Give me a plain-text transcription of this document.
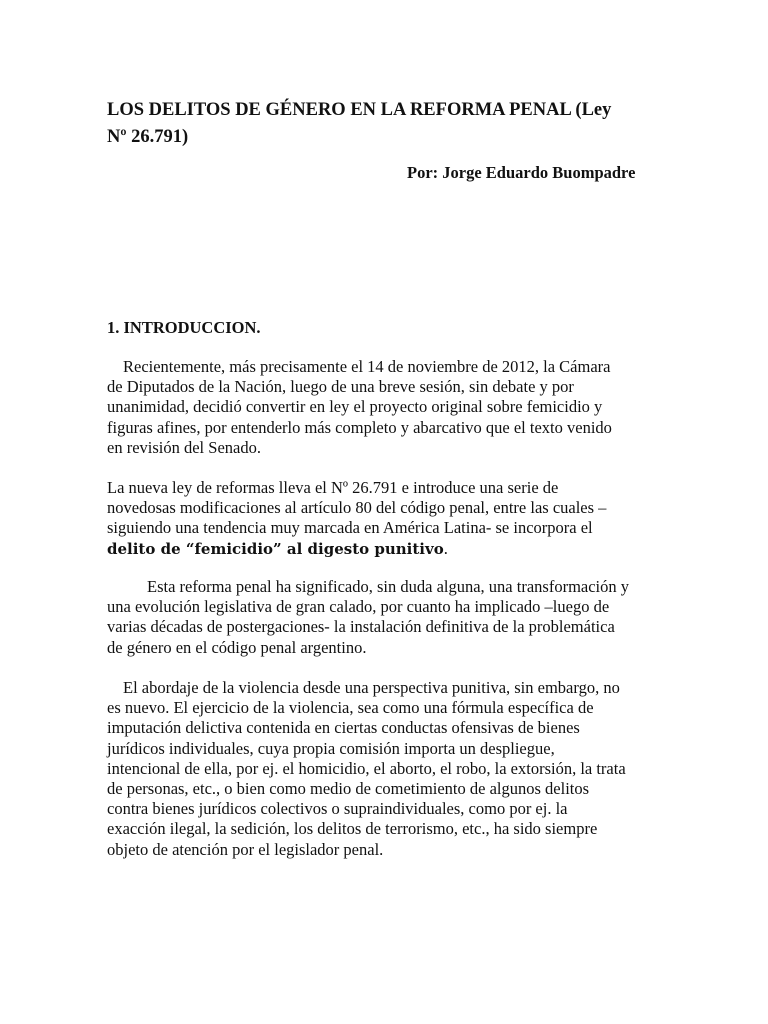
LOS DELITOS DE GÉNERO EN LA REFORMA PENAL (Ley
Nº 26.791)

Por: Jorge Eduardo Buompadre

1. INTRODUCCION.

Recientemente, más precisamente el 14 de noviembre de 2012, la Cámara
de Diputados de la Nación, luego de una breve sesión, sin debate y por
unanimidad, decidió convertir en ley el proyecto original sobre femicidio y
figuras afines, por entenderlo más completo y abarcativo que el texto venido
en revisión del Senado.

La nueva ley de reformas lleva el Nº 26.791 e introduce una serie de
novedosas modificaciones al artículo 80 del código penal, entre las cuales –
siguiendo una tendencia muy marcada en América Latina- se incorpora el
delito de “femicidio” al digesto punitivo.

Esta reforma penal ha significado, sin duda alguna, una transformación y
una evolución legislativa de gran calado, por cuanto ha implicado –luego de
varias décadas de postergaciones- la instalación definitiva de la problemática
de género en el código penal argentino.

El abordaje de la violencia desde una perspectiva punitiva, sin embargo, no
es nuevo. El ejercicio de la violencia, sea como una fórmula específica de
imputación delictiva contenida en ciertas conductas ofensivas de bienes
jurídicos individuales, cuya propia comisión importa un despliegue,
intencional de ella, por ej. el homicidio, el aborto, el robo, la extorsión, la trata
de personas, etc., o bien como medio de cometimiento de algunos delitos
contra bienes jurídicos colectivos o supraindividuales, como por ej. la
exacción ilegal, la sedición, los delitos de terrorismo, etc., ha sido siempre
objeto de atención por el legislador penal.
